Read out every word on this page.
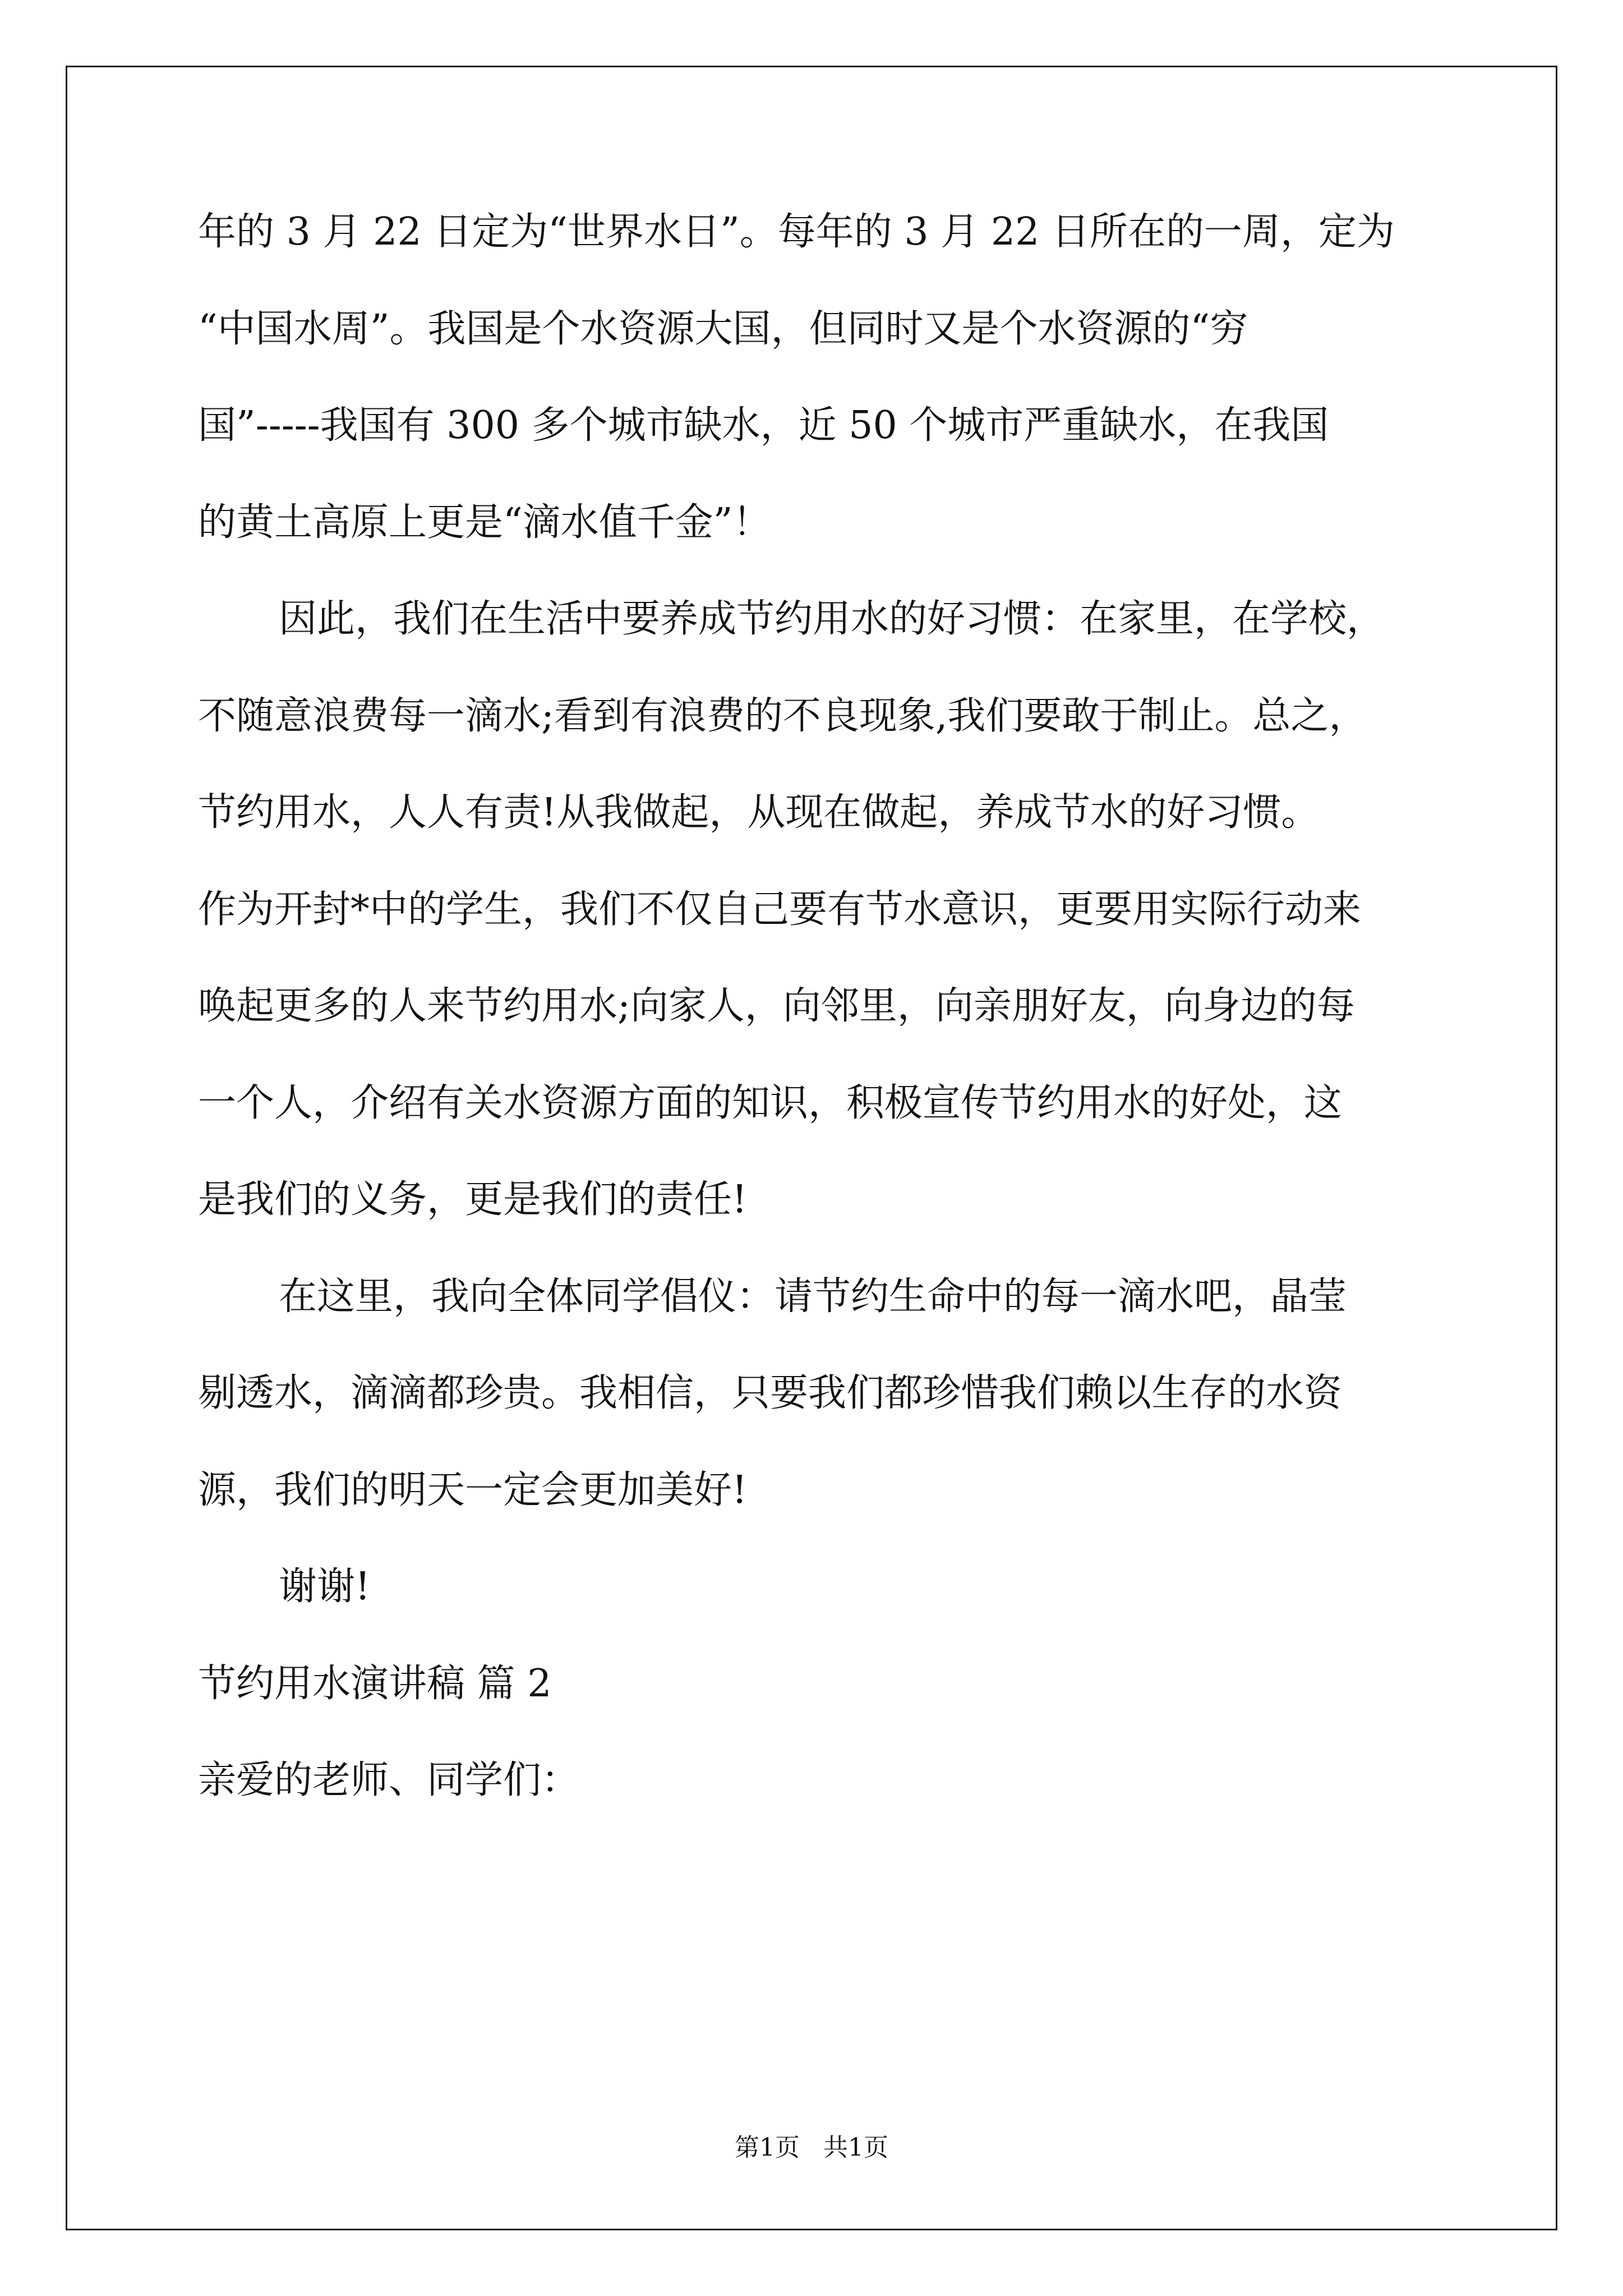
年的 3 月 22 日定为“世界水日”。每年的 3 月 22 日所在的一周，定为
“中国水周”。我国是个水资源大国，但同时又是个水资源的“穷
国”-----我国有 300 多个城市缺水，近 50 个城市严重缺水，在我国
的黄土高原上更是“滴水值千金”！
因此，我们在生活中要养成节约用水的好习惯：在家里，在学校，
不随意浪费每一滴水;看到有浪费的不良现象,我们要敢于制止。总之，
节约用水，人人有责!从我做起，从现在做起，养成节水的好习惯。
作为开封*中的学生，我们不仅自己要有节水意识，更要用实际行动来
唤起更多的人来节约用水;向家人，向邻里，向亲朋好友，向身边的每
一个人，介绍有关水资源方面的知识，积极宣传节约用水的好处，这
是我们的义务，更是我们的责任!
在这里，我向全体同学倡仪：请节约生命中的每一滴水吧，晶莹
剔透水，滴滴都珍贵。我相信，只要我们都珍惜我们赖以生存的水资
源，我们的明天一定会更加美好!
谢谢!
节约用水演讲稿 篇 2
亲爱的老师、同学们：
第1页   共1页
